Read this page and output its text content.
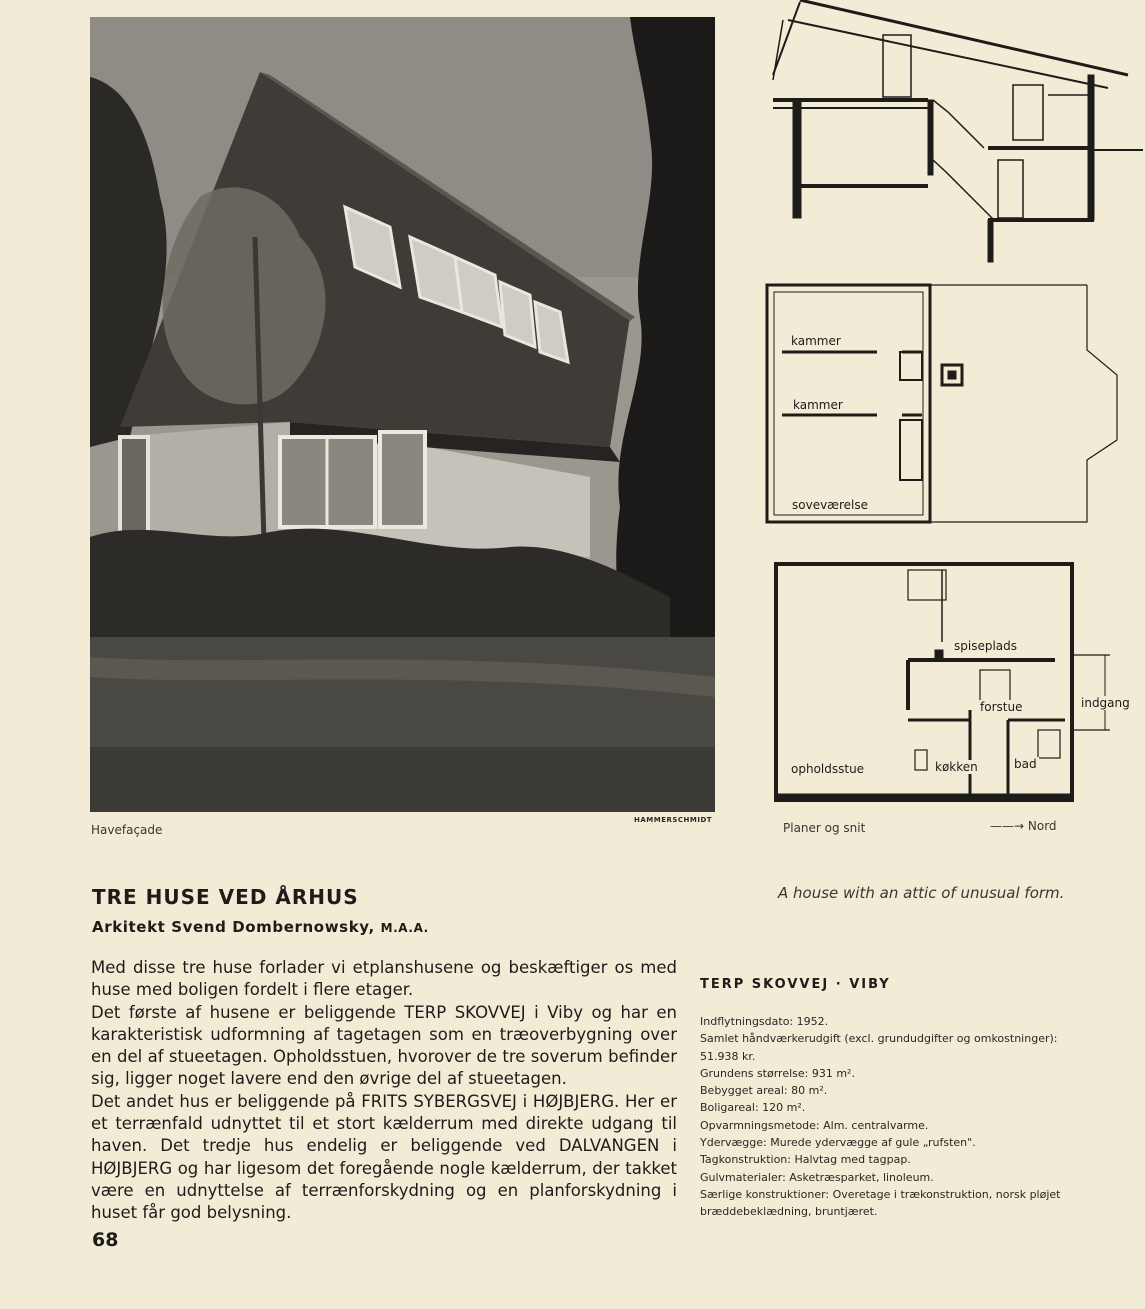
Havefaçade
HAMMERSCHMIDT
kammer
kammer
soveværelse
spiseplads
forstue	indgang
opholdsstue	køkken	bad
Planer og snit	——→ Nord
TRE HUSE VED ÅRHUS
Arkitekt Svend Dombernowsky, M.A.A.
A house with an attic of unusual form.

Med disse tre huse forlader vi etplanshusene og beskæftiger os med huse med boligen fordelt i flere etager.

Det første af husene er beliggende TERP SKOVVEJ i Viby og har en karakteristisk udformning af tagetagen som en træoverbygning over en del af stueetagen. Opholdsstuen, hvorover de tre soverum befinder sig, ligger noget lavere end den øvrige del af stueetagen.

Det andet hus er beliggende på FRITS SYBERGSVEJ i HØJBJERG. Her er et terrænfald udnyttet til et stort kælderrum med direkte udgang til haven. Det tredje hus endelig er beliggende ved DALVANGEN i HØJBJERG og har ligesom det foregående nogle kælderrum, der takket være en udnyttelse af terrænforskydning og en planforskydning i huset får god belysning.

68
TERP SKOVVEJ · VIBY
Indflytningsdato: 1952.
Samlet håndværkerudgift (excl. grundudgifter og omkostninger): 51.938 kr.
Grundens størrelse: 931 m².
Bebygget areal: 80 m².
Boligareal: 120 m².
Opvarmningsmetode: Alm. centralvarme.
Ydervægge: Murede ydervægge af gule „rufsten".
Tagkonstruktion: Halvtag med tagpap.
Gulvmaterialer: Asketræsparket, linoleum.
Særlige konstruktioner: Overetage i trækonstruktion, norsk pløjet bræddebeklædning, bruntjæret.
